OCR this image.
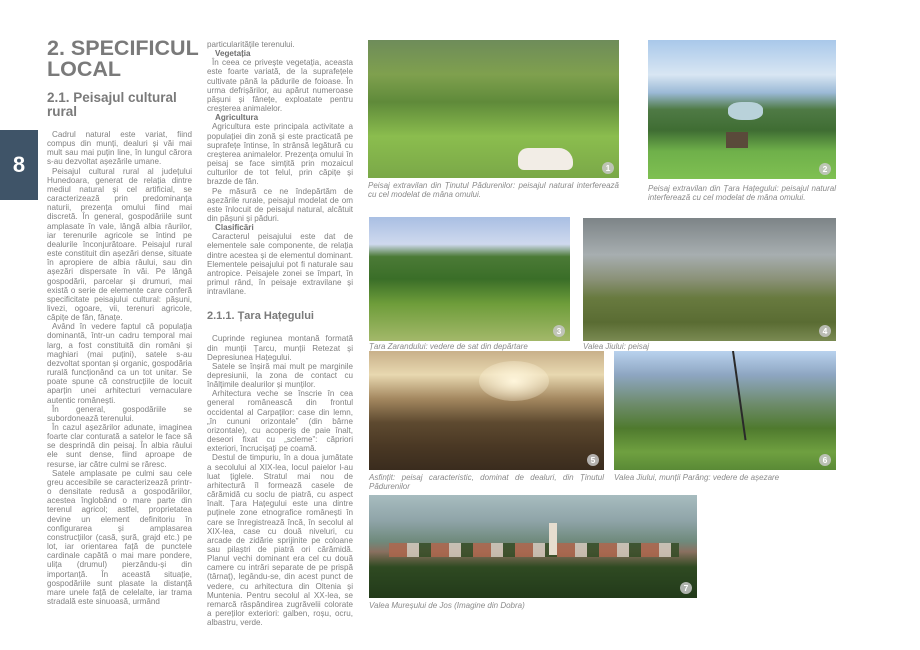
8
2. SPECIFICUL LOCAL
2.1. Peisajul cultural rural

Cadrul natural este variat, fiind compus din munți, dealuri și văi mai mult sau mai puțin line, în lungul cărora s-au dezvoltat așezările umane.

Peisajul cultural rural al județului Hunedoara, generat de relația dintre mediul natural și cel artificial, se caracterizează prin predominanța naturii, prezența omului fiind mai discretă. În general, gospodăriile sunt amplasate în vale, lângă albia râurilor, iar terenurile agricole se întind pe dealurile înconjurătoare. Peisajul rural este constituit din așezări dense, situate în apropiere de albia râului, sau din așezări dispersate în văi. Pe lângă gospodării, parcelar și drumuri, mai există o serie de elemente care conferă specificitate peisajului cultural: pășuni, livezi, ogoare, vii, terenuri agricole, căpițe de fân, fânațe.

Având în vedere faptul că populația dominantă, într-un cadru temporal mai larg, a fost constituită din români și maghiari (mai puțini), satele s-au dezvoltat spontan și organic, gospodăria rurală funcționând ca un tot unitar. Se poate spune că construcțiile de locuit aparțin unei arhitecturi vernaculare autentic românești.

În general, gospodăriile se subordonează terenului.

În cazul așezărilor adunate, imaginea foarte clar conturată a satelor le face să se desprindă din peisaj. În albia râului ele sunt dense, fiind aproape de resurse, iar către culmi se răresc.

Satele amplasate pe culmi sau cele greu accesibile se caracterizează printr-o densitate redusă a gospodăriilor, acestea înglobând o mare parte din terenul agricol; astfel, proprietatea devine un element definitoriu în configurarea și amplasarea construcțiilor (casă, șură, grajd etc.) pe lot, iar orientarea față de punctele cardinale capătă o mai mare pondere, ulița (drumul) pierzându-și din importanță. În această situație, gospodăriile sunt plasate la distanță mare unele față de celelalte, iar trama stradală este sinuoasă, urmând

particularitățile terenului.

Vegetația

În ceea ce privește vegetația, aceasta este foarte variată, de la suprafețele cultivate până la pădurile de foioase. În urma defrișărilor, au apărut numeroase pășuni și fânețe, exploatate pentru creșterea animalelor.

Agricultura

Agricultura este principala activitate a populației din zonă și este practicată pe suprafețe întinse, în strânsă legătură cu creșterea animalelor. Prezența omului în peisaj se face simțită prin mozaicul culturilor de tot felul, prin căpițe și brazde de fân.

Pe măsură ce ne îndepărtăm de așezările rurale, peisajul modelat de om este înlocuit de peisajul natural, alcătuit din pășuni și păduri.

Clasificări

Caracterul peisajului este dat de elementele sale componente, de relația dintre acestea și de elementul dominant. Elementele peisajului pot fi naturale sau antropice. Peisajele zonei se împart, în primul rând, în peisaje extravilane și intravilane.

2.1.1. Țara Hațegului

Cuprinde regiunea montană formată din munții Țarcu, munții Retezat și Depresiunea Hațegului.

Satele se înșiră mai mult pe marginile depresiunii, la zona de contact cu înălțimile dealurilor și munților.

Arhitectura veche se înscrie în cea general românească din frontul occidental al Carpaților: case din lemn, „în cununi orizontale” (din bârne orizontale), cu acoperiș de paie înalt, deseori fixat cu „scleme”: căpriori exteriori, încrucișați pe coamă.

Destul de timpuriu, în a doua jumătate a secolului al XIX-lea, locul paielor l-au luat țiglele. Stratul mai nou de arhitectură îl formează casele de cărămidă cu soclu de piatră, cu aspect înalt. Țara Hațegului este una dintre puținele zone etnografice românești în care se înregistrează încă, în secolul al XIX-lea, case cu două niveluri, cu arcade de zidărie sprijinite pe coloane sau pilaștri de piatră ori cărămidă. Planul vechi dominant era cel cu două camere cu intrări separate de pe prispă (târnaț), legându-se, din acest punct de vedere, cu arhitectura din Oltenia și Muntenia. Pentru secolul al XX-lea, se remarcă răspândirea zugrăvelii colorate a pereților exteriori: galben, roșu, ocru, albastru, verde.

1
Peisaj extravilan din Ținutul Pădurenilor: peisajul natural interferează cu cel modelat de mâna omului.
2
Peisaj extravilan din Țara Hațegului: peisajul natural interferează cu cel modelat de mâna omului.
3
Țara Zarandului: vedere de sat din depărtare
4
Valea Jiului: peisaj
5
Asfințit: peisaj caracteristic, dominat de dealuri, din Ținutul Pădurenilor
6
Valea Jiului, munții Parâng: vedere de așezare
7
Valea Mureșului de Jos (Imagine din Dobra)
